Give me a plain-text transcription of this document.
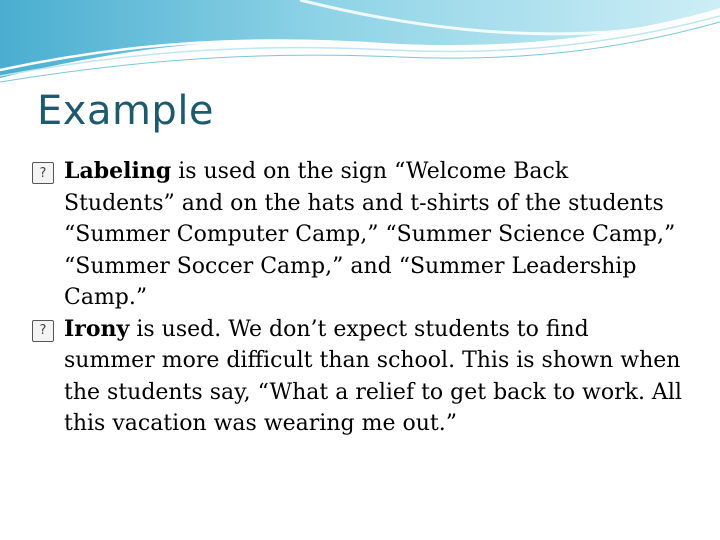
Example

? Labeling is used on the sign “Welcome Back Students” and on the hats and t-shirts of the students “Summer Computer Camp,” “Summer Science Camp,” “Summer Soccer Camp,” and “Summer Leadership Camp.”

? Irony is used. We don’t expect students to find summer more difficult than school. This is shown when the students say, “What a relief to get back to work. All this vacation was wearing me out.”
